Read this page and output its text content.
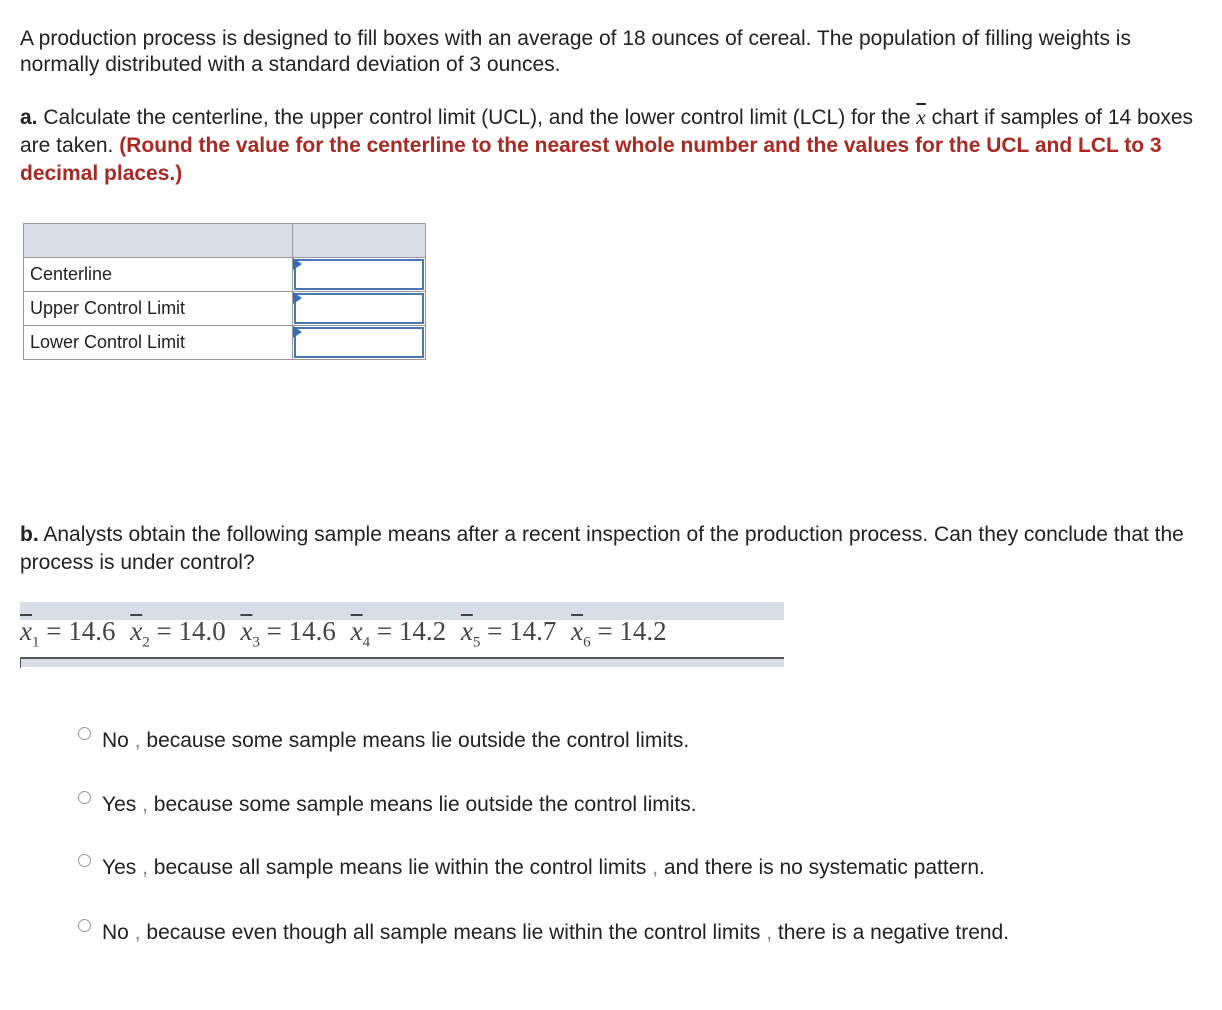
A production process is designed to fill boxes with an average of 18 ounces of cereal. The population of filling weights is normally distributed with a standard deviation of 3 ounces.
a. Calculate the centerline, the upper control limit (UCL), and the lower control limit (LCL) for the $\overline{x}$ chart if samples of 14 boxes are taken. (Round the value for the centerline to the nearest whole number and the values for the UCL and LCL to 3 decimal places.)

Centerline	

Upper Control Limit	

Lower Control Limit	
b. Analysts obtain the following sample means after a recent inspection of the production process. Can they conclude that the process is under control?
$\overline{x}_1 = 14.6$ $\overline{x}_2 = 14.0$ $\overline{x}_3 = 14.6$ $\overline{x}_4 = 14.2$ $\overline{x}_5 = 14.7$ $\overline{x}_6 = 14.2$
No , because some sample means lie outside the control limits.
Yes , because some sample means lie outside the control limits.
Yes , because all sample means lie within the control limits , and there is no systematic pattern.
No , because even though all sample means lie within the control limits , there is a negative trend.
